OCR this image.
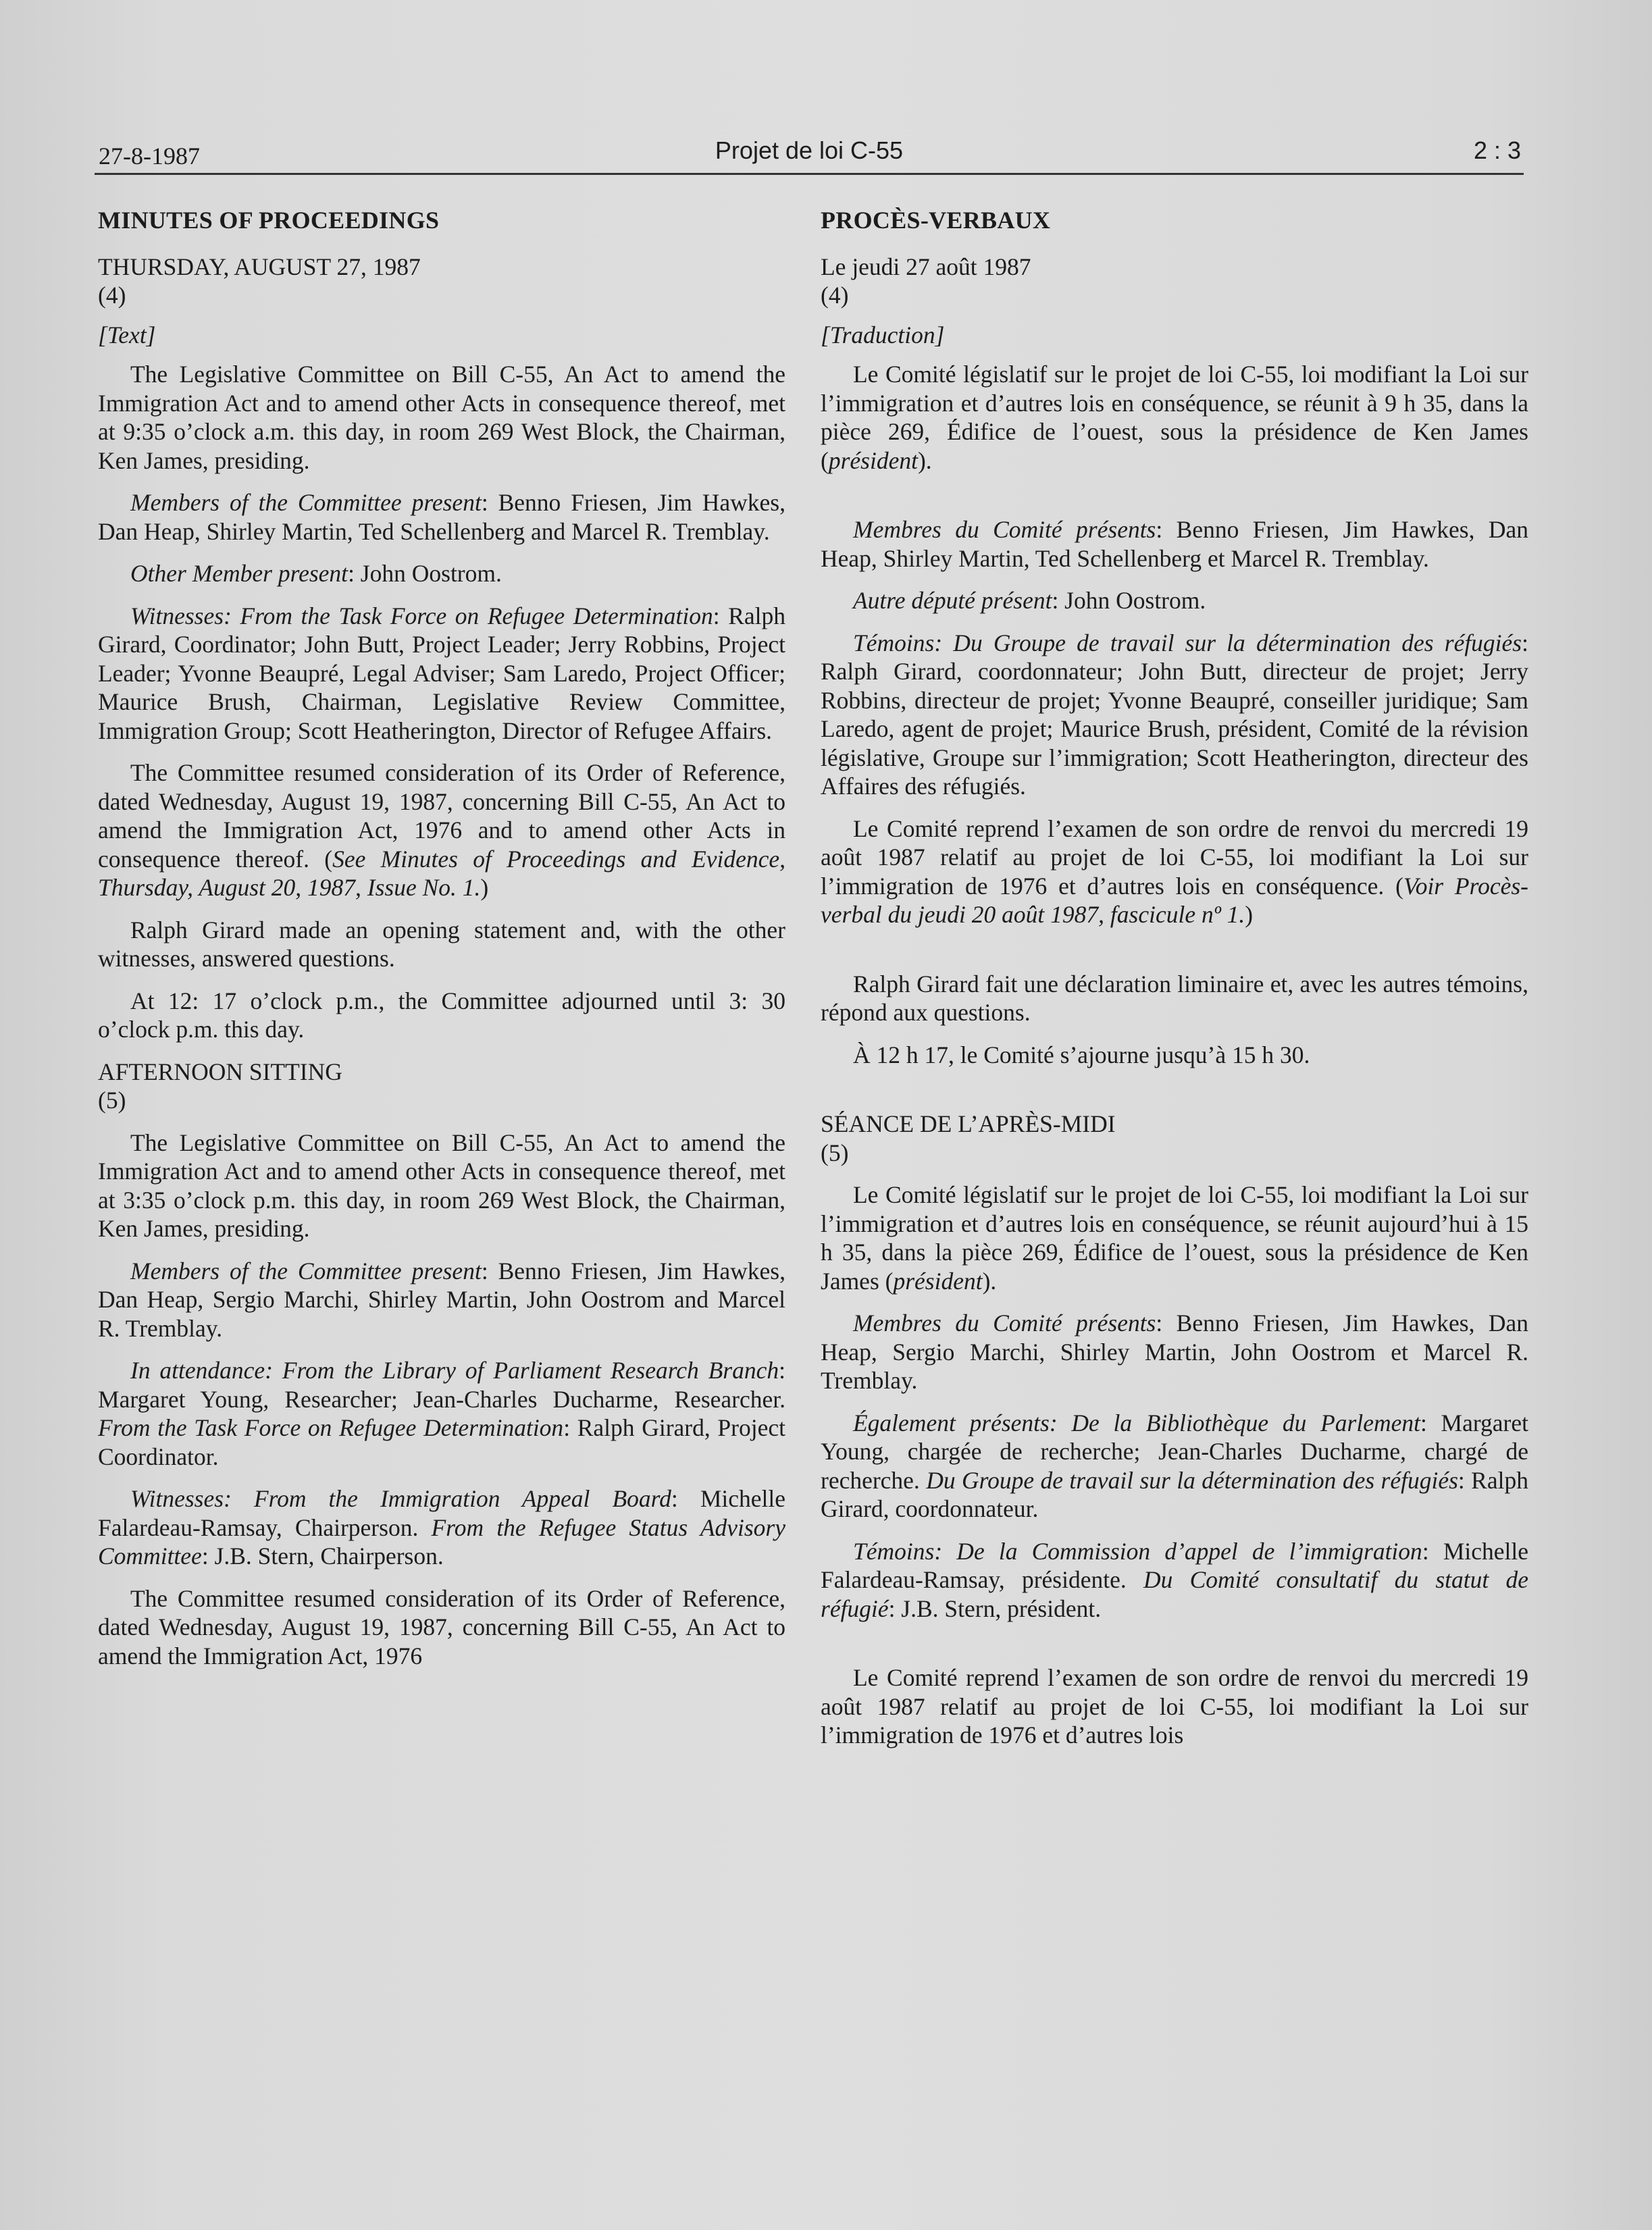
27-8-1987	Projet de loi C-55	2 : 3

MINUTES OF PROCEEDINGS

THURSDAY, AUGUST 27, 1987

(4)

[Text]

The Legislative Committee on Bill C-55, An Act to amend the Immigration Act and to amend other Acts in consequence thereof, met at 9:35 o’clock a.m. this day, in room 269 West Block, the Chairman, Ken James, presiding.

Members of the Committee present: Benno Friesen, Jim Hawkes, Dan Heap, Shirley Martin, Ted Schellenberg and Marcel R. Tremblay.

Other Member present: John Oostrom.

Witnesses: From the Task Force on Refugee Determination: Ralph Girard, Coordinator; John Butt, Project Leader; Jerry Robbins, Project Leader; Yvonne Beaupré, Legal Adviser; Sam Laredo, Project Officer; Maurice Brush, Chairman, Legislative Review Committee, Immigration Group; Scott Heatherington, Director of Refugee Affairs.

The Committee resumed consideration of its Order of Reference, dated Wednesday, August 19, 1987, concerning Bill C-55, An Act to amend the Immigration Act, 1976 and to amend other Acts in consequence thereof. (See Minutes of Proceedings and Evidence, Thursday, August 20, 1987, Issue No. 1.)

Ralph Girard made an opening statement and, with the other witnesses, answered questions.

At 12: 17 o’clock p.m., the Committee adjourned until 3: 30 o’clock p.m. this day.

AFTERNOON SITTING

(5)

The Legislative Committee on Bill C-55, An Act to amend the Immigration Act and to amend other Acts in consequence thereof, met at 3:35 o’clock p.m. this day, in room 269 West Block, the Chairman, Ken James, presiding.

Members of the Committee present: Benno Friesen, Jim Hawkes, Dan Heap, Sergio Marchi, Shirley Martin, John Oostrom and Marcel R. Tremblay.

In attendance: From the Library of Parliament Research Branch: Margaret Young, Researcher; Jean-Charles Ducharme, Researcher. From the Task Force on Refugee Determination: Ralph Girard, Project Coordinator.

Witnesses: From the Immigration Appeal Board: Michelle Falardeau-Ramsay, Chairperson. From the Refugee Status Advisory Committee: J.B. Stern, Chairperson.

The Committee resumed consideration of its Order of Reference, dated Wednesday, August 19, 1987, concerning Bill C-55, An Act to amend the Immigration Act, 1976

PROCÈS-VERBAUX

Le jeudi 27 août 1987

(4)

[Traduction]

Le Comité législatif sur le projet de loi C-55, loi modifiant la Loi sur l’immigration et d’autres lois en conséquence, se réunit à 9 h 35, dans la pièce 269, Édifice de l’ouest, sous la présidence de Ken James (président).

Membres du Comité présents: Benno Friesen, Jim Hawkes, Dan Heap, Shirley Martin, Ted Schellenberg et Marcel R. Tremblay.

Autre député présent: John Oostrom.

Témoins: Du Groupe de travail sur la détermination des réfugiés: Ralph Girard, coordonnateur; John Butt, directeur de projet; Jerry Robbins, directeur de projet; Yvonne Beaupré, conseiller juridique; Sam Laredo, agent de projet; Maurice Brush, président, Comité de la révision législative, Groupe sur l’immigration; Scott Heatherington, directeur des Affaires des réfugiés.

Le Comité reprend l’examen de son ordre de renvoi du mercredi 19 août 1987 relatif au projet de loi C-55, loi modifiant la Loi sur l’immigration de 1976 et d’autres lois en conséquence. (Voir Procès-verbal du jeudi 20 août 1987, fascicule nº 1.)

Ralph Girard fait une déclaration liminaire et, avec les autres témoins, répond aux questions.

À 12 h 17, le Comité s’ajourne jusqu’à 15 h 30.

SÉANCE DE L’APRÈS-MIDI

(5)

Le Comité législatif sur le projet de loi C-55, loi modifiant la Loi sur l’immigration et d’autres lois en conséquence, se réunit aujourd’hui à 15 h 35, dans la pièce 269, Édifice de l’ouest, sous la présidence de Ken James (président).

Membres du Comité présents: Benno Friesen, Jim Hawkes, Dan Heap, Sergio Marchi, Shirley Martin, John Oostrom et Marcel R. Tremblay.

Également présents: De la Bibliothèque du Parlement: Margaret Young, chargée de recherche; Jean-Charles Ducharme, chargé de recherche. Du Groupe de travail sur la détermination des réfugiés: Ralph Girard, coordonnateur.

Témoins: De la Commission d’appel de l’immigration: Michelle Falardeau-Ramsay, présidente. Du Comité consultatif du statut de réfugié: J.B. Stern, président.

Le Comité reprend l’examen de son ordre de renvoi du mercredi 19 août 1987 relatif au projet de loi C-55, loi modifiant la Loi sur l’immigration de 1976 et d’autres lois
